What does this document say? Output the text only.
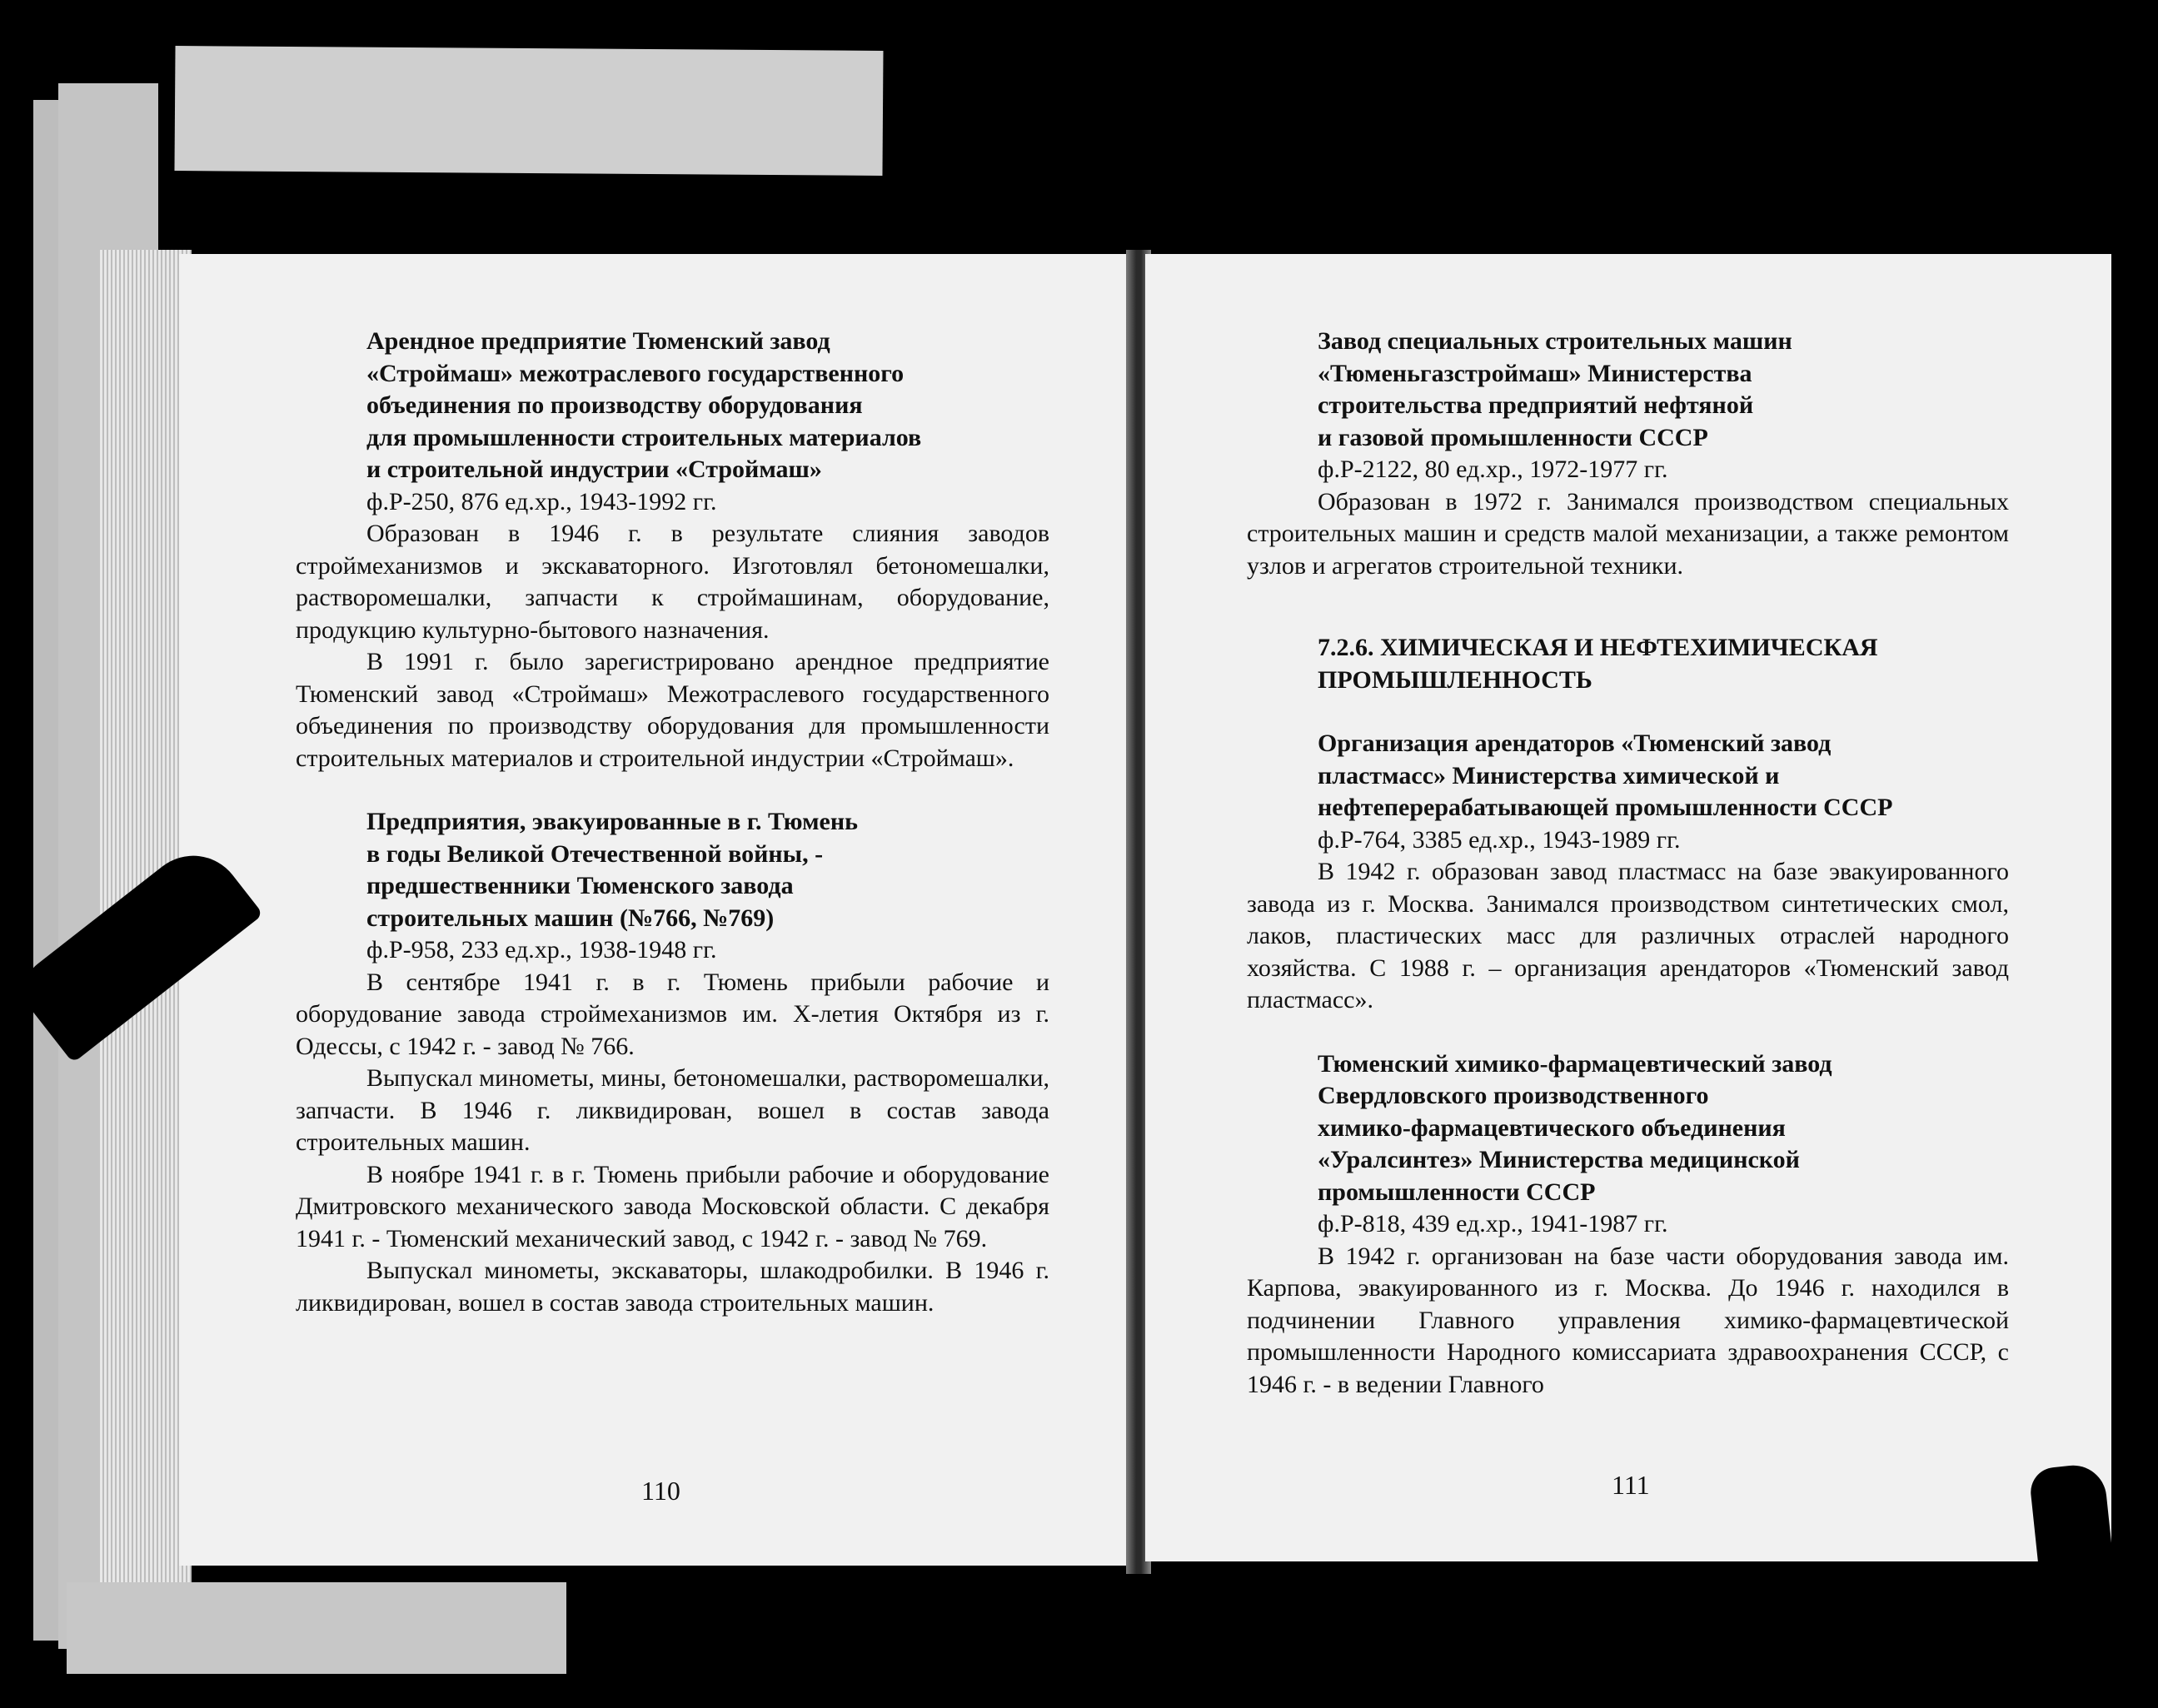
Арендное предприятие Тюменский завод
«Строймаш» межотраслевого государственного
объединения по производству оборудования
для промышленности строительных материалов
и строительной индустрии «Строймаш»

ф.Р-250, 876 ед.хр., 1943-1992 гг.

Образован в 1946 г. в результате слияния заводов строймеханизмов и экскаваторного. Изготовлял бетономешалки, растворомешалки, запчасти к строймашинам, оборудование, продукцию культурно-бытового назначения.

В 1991 г. было зарегистрировано арендное предприятие Тюменский завод «Строймаш» Межотраслевого государственного объединения по производству оборудования для промышленности строительных материалов и строительной индустрии «Строймаш».

Предприятия, эвакуированные в г. Тюмень
в годы Великой Отечественной войны, -
предшественники Тюменского завода
строительных машин (№766, №769)

ф.Р-958, 233 ед.хр., 1938-1948 гг.

В сентябре 1941 г. в г. Тюмень прибыли рабочие и оборудование завода строймеханизмов им. X-летия Октября из г. Одессы, с 1942 г. - завод № 766.

Выпускал минометы, мины, бетономешалки, растворомешалки, запчасти. В 1946 г. ликвидирован, вошел в состав завода строительных машин.

В ноябре 1941 г. в г. Тюмень прибыли рабочие и оборудование Дмитровского механического завода Московской области. С декабря 1941 г. - Тюменский механический завод, с 1942 г. - завод № 769.

Выпускал минометы, экскаваторы, шлакодробилки. В 1946 г. ликвидирован, вошел в состав завода строительных машин.

110

Завод специальных строительных машин
«Тюменьгазстроймаш» Министерства
строительства предприятий нефтяной
и газовой промышленности СССР

ф.Р-2122, 80 ед.хр., 1972-1977 гг.

Образован в 1972 г. Занимался производством специальных строительных машин и средств малой механизации, а также ремонтом узлов и агрегатов строительной техники.

7.2.6. ХИМИЧЕСКАЯ И НЕФТЕХИМИЧЕСКАЯ
ПРОМЫШЛЕННОСТЬ

Организация арендаторов «Тюменский завод
пластмасс» Министерства химической и
нефтеперерабатывающей промышленности СССР

ф.Р-764, 3385 ед.хр., 1943-1989 гг.

В 1942 г. образован завод пластмасс на базе эвакуированного завода из г. Москва. Занимался производством синтетических смол, лаков, пластических масс для различных отраслей народного хозяйства. С 1988 г. – организация арендаторов «Тюменский завод пластмасс».

Тюменский химико-фармацевтический завод
Свердловского производственного
химико-фармацевтического объединения
«Уралсинтез» Министерства медицинской
промышленности СССР

ф.Р-818, 439 ед.хр., 1941-1987 гг.

В 1942 г. организован на базе части оборудования завода им. Карпова, эвакуированного из г. Москва. До 1946 г. находился в подчинении Главного управления химико-фармацевтической промышленности Народного комиссариата здравоохранения СССР, с 1946 г. - в ведении Главного

111
